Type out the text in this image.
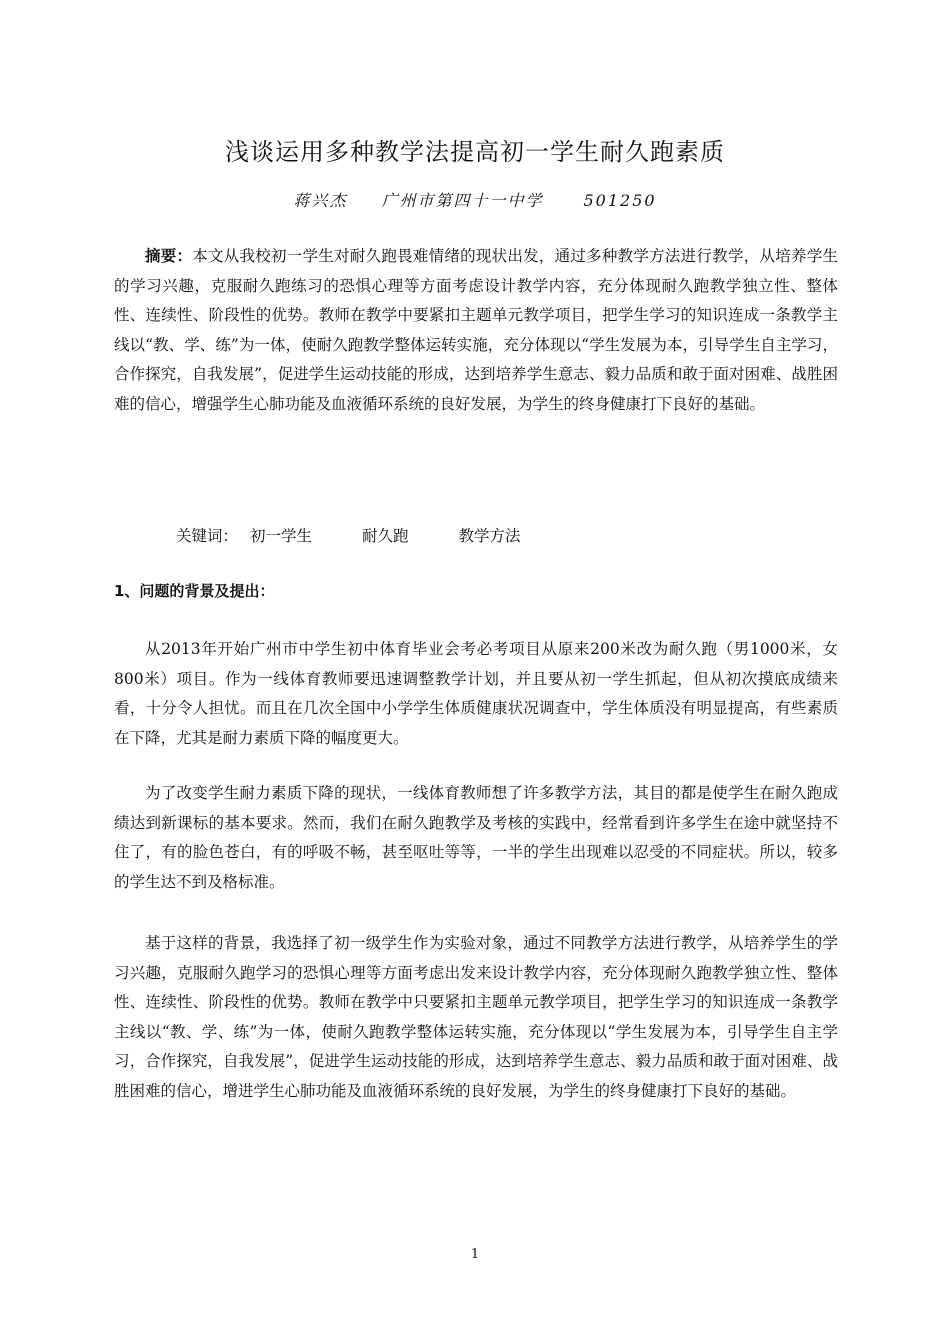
浅谈运用多种教学法提高初一学生耐久跑素质
蒋兴杰 广州市第四十一中学	501250

摘要：本文从我校初一学生对耐久跑畏难情绪的现状出发，通过多种教学方法进行教学，从培养学生的学习兴趣，克服耐久跑练习的恐惧心理等方面考虑设计教学内容，充分体现耐久跑教学独立性、整体性、连续性、阶段性的优势。教师在教学中要紧扣主题单元教学项目，把学生学习的知识连成一条教学主线以“教、学、练”为一体，使耐久跑教学整体运转实施，充分体现以“学生发展为本，引导学生自主学习，合作探究，自我发展”，促进学生运动技能的形成，达到培养学生意志、毅力品质和敢于面对困难、战胜困难的信心，增强学生心肺功能及血液循环系统的良好发展，为学生的终身健康打下良好的基础。

关键词： 初一学生	耐久跑	教学方法
1、问题的背景及提出：

从2013年开始广州市中学生初中体育毕业会考必考项目从原来200米改为耐久跑（男1000米，女800米）项目。作为一线体育教师要迅速调整教学计划，并且要从初一学生抓起，但从初次摸底成绩来看，十分令人担忧。而且在几次全国中小学学生体质健康状况调查中，学生体质没有明显提高，有些素质在下降，尤其是耐力素质下降的幅度更大。

为了改变学生耐力素质下降的现状，一线体育教师想了许多教学方法，其目的都是使学生在耐久跑成绩达到新课标的基本要求。然而，我们在耐久跑教学及考核的实践中，经常看到许多学生在途中就坚持不住了，有的脸色苍白，有的呼吸不畅，甚至呕吐等等，一半的学生出现难以忍受的不同症状。所以，较多的学生达不到及格标准。

基于这样的背景，我选择了初一级学生作为实验对象，通过不同教学方法进行教学，从培养学生的学习兴趣，克服耐久跑学习的恐惧心理等方面考虑出发来设计教学内容，充分体现耐久跑教学独立性、整体性、连续性、阶段性的优势。教师在教学中只要紧扣主题单元教学项目，把学生学习的知识连成一条教学主线以“教、学、练”为一体，使耐久跑教学整体运转实施，充分体现以“学生发展为本，引导学生自主学习，合作探究，自我发展”，促进学生运动技能的形成，达到培养学生意志、毅力品质和敢于面对困难、战胜困难的信心，增进学生心肺功能及血液循环系统的良好发展，为学生的终身健康打下良好的基础。

1
